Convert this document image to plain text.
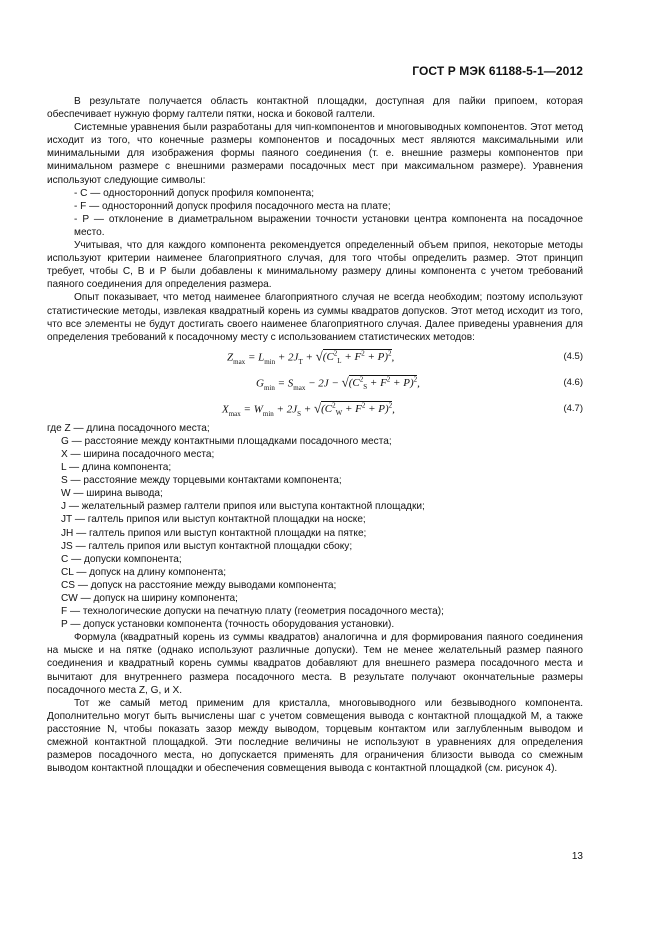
ГОСТ Р МЭК 61188-5-1—2012

В результате получается область контактной площадки, доступная для пайки припоем, которая обеспечивает нужную форму галтели пятки, носка и боковой галтели.

Системные уравнения были разработаны для чип-компонентов и многовыводных компонентов. Этот метод исходит из того, что конечные размеры компонентов и посадочных мест являются максимальными или минимальными для изображения формы паяного соединения (т. е. внешние размеры компонентов при минимальном размере с внешними размерами посадочных мест при максимальном размере). Уравнения используют следующие символы:

- C — односторонний допуск профиля компонента;

- F — односторонний допуск профиля посадочного места на плате;

- P — отклонение в диаметральном выражении точности установки центра компонента на посадочное место.

Учитывая, что для каждого компонента рекомендуется определенный объем припоя, некоторые методы используют критерии наименее благоприятного случая, для того чтобы определить размер. Этот принцип требует, чтобы C, B и P были добавлены к минимальному размеру длины компонента с учетом требований паяного соединения для определения размера.

Опыт показывает, что метод наименее благоприятного случая не всегда необходим; поэтому используют статистические методы, извлекая квадратный корень из суммы квадратов допусков. Этот метод исходит из того, что все элементы не будут достигать своего наименее благоприятного случая. Далее приведены уравнения для определения требований к посадочному месту с использованием статистических методов:

$Z_{max} = L_{min} + 2J_T + √(C^2_L + F^2 + P)^2$,	(4.5)
$G_{min} = S_{max} - 2J - √(C^2_S + F^2 + P)^2$,	(4.6)
$X_{max} = W_{min} + 2J_S + √(C^2_W + F^2 + P)^2$,	(4.7)

где Z — длина посадочного места;

G — расстояние между контактными площадками посадочного места;

X — ширина посадочного места;

L — длина компонента;

S — расстояние между торцевыми контактами компонента;

W — ширина вывода;

J — желательный размер галтели припоя или выступа контактной площадки;

JT — галтель припоя или выступ контактной площадки на носке;

JH — галтель припоя или выступ контактной площадки на пятке;

JS — галтель припоя или выступ контактной площадки сбоку;

C — допуски компонента;

CL — допуск на длину компонента;

CS — допуск на расстояние между выводами компонента;

CW — допуск на ширину компонента;

F — технологические допуски на печатную плату (геометрия посадочного места);

P — допуск установки компонента (точность оборудования установки).

Формула (квадратный корень из суммы квадратов) аналогична и для формирования паяного соединения на мыске и на пятке (однако используют различные допуски). Тем не менее желательный размер паяного соединения и квадратный корень суммы квадратов добавляют для внешнего размера посадочного места и вычитают для внутреннего размера посадочного места. В результате получают окончательные размеры посадочного места Z, G, и X.

Тот же самый метод применим для кристалла, многовыводного или безвыводного компонента. Дополнительно могут быть вычислены шаг с учетом совмещения вывода с контактной площадкой M, а также расстояние N, чтобы показать зазор между выводом, торцевым контактом или заглубленным выводом и смежной контактной площадкой. Эти последние величины не используют в уравнениях для определения размеров посадочного места, но допускается применять для ограничения близости вывода со смежным выводом контактной площадки и обеспечения совмещения вывода с контактной площадкой (см. рисунок 4).

13
